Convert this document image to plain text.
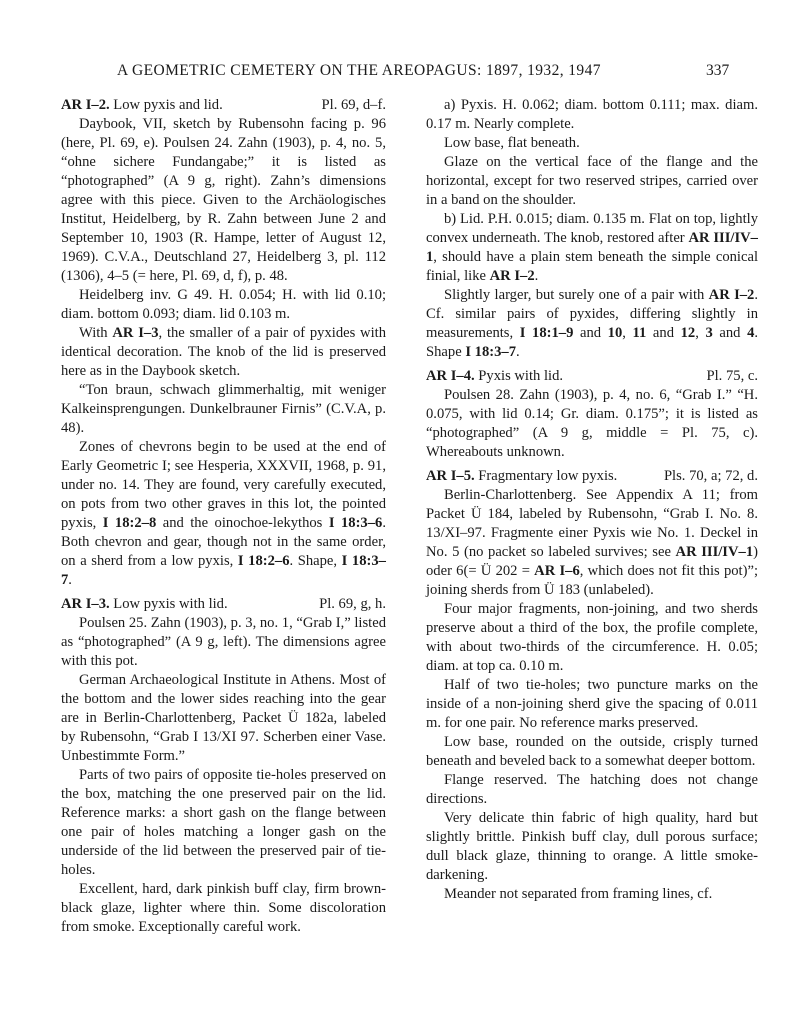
A GEOMETRIC CEMETERY ON THE AREOPAGUS: 1897, 1932, 1947	337

AR I–2. Low pyxis and lid.	Pl. 69, d–f.

Daybook, VII, sketch by Rubensohn facing p. 96 (here, Pl. 69, e). Poulsen 24. Zahn (1903), p. 4, no. 5, “ohne sichere Fundangabe;” it is listed as “photographed” (A 9 g, right). Zahn’s dimensions agree with this piece. Given to the Archäologisches Institut, Heidelberg, by R. Zahn between June 2 and September 10, 1903 (R. Hampe, letter of August 12, 1969). C.V.A., Deutschland 27, Heidelberg 3, pl. 112 (1306), 4–5 (= here, Pl. 69, d, f), p. 48.

Heidelberg inv. G 49. H. 0.054; H. with lid 0.10; diam. bottom 0.093; diam. lid 0.103 m.

With AR I–3, the smaller of a pair of pyxides with identical decoration. The knob of the lid is preserved here as in the Daybook sketch.

“Ton braun, schwach glimmerhaltig, mit weniger Kalkeinsprengungen. Dunkelbrauner Firnis” (C.V.A, p. 48).

Zones of chevrons begin to be used at the end of Early Geometric I; see Hesperia, XXXVII, 1968, p. 91, under no. 14. They are found, very carefully executed, on pots from two other graves in this lot, the pointed pyxis, I 18:2–8 and the oinochoe-lekythos I 18:3–6. Both chevron and gear, though not in the same order, on a sherd from a low pyxis, I 18:2–6. Shape, I 18:3–7.

AR I–3. Low pyxis with lid.	Pl. 69, g, h.

Poulsen 25. Zahn (1903), p. 3, no. 1, “Grab I,” listed as “photographed” (A 9 g, left). The dimensions agree with this pot.

German Archaeological Institute in Athens. Most of the bottom and the lower sides reaching into the gear are in Berlin-Charlottenberg, Packet Ü 182a, labeled by Rubensohn, “Grab I 13/XI 97. Scherben einer Vase. Unbestimmte Form.”

Parts of two pairs of opposite tie-holes preserved on the box, matching the one preserved pair on the lid. Reference marks: a short gash on the flange between one pair of holes matching a longer gash on the underside of the lid between the preserved pair of tie-holes.

Excellent, hard, dark pinkish buff clay, firm brown-black glaze, lighter where thin. Some discoloration from smoke. Exceptionally careful work.

a) Pyxis. H. 0.062; diam. bottom 0.111; max. diam. 0.17 m. Nearly complete.

Low base, flat beneath.

Glaze on the vertical face of the flange and the horizontal, except for two reserved stripes, carried over in a band on the shoulder.

b) Lid. P.H. 0.015; diam. 0.135 m. Flat on top, lightly convex underneath. The knob, restored after AR III/IV–1, should have a plain stem beneath the simple conical finial, like AR I–2.

Slightly larger, but surely one of a pair with AR I–2. Cf. similar pairs of pyxides, differing slightly in measurements, I 18:1–9 and 10, 11 and 12, 3 and 4. Shape I 18:3–7.

AR I–4. Pyxis with lid.	Pl. 75, c.

Poulsen 28. Zahn (1903), p. 4, no. 6, “Grab I.” “H. 0.075, with lid 0.14; Gr. diam. 0.175”; it is listed as “photographed” (A 9 g, middle = Pl. 75, c). Whereabouts unknown.

AR I–5. Fragmentary low pyxis.	Pls. 70, a; 72, d.

Berlin-Charlottenberg. See Appendix A 11; from Packet Ü 184, labeled by Rubensohn, “Grab I. No. 8. 13/XI–97. Fragmente einer Pyxis wie No. 1. Deckel in No. 5 (no packet so labeled survives; see AR III/IV–1) oder 6(= Ü 202 = AR I–6, which does not fit this pot)”; joining sherds from Ü 183 (unlabeled).

Four major fragments, non-joining, and two sherds preserve about a third of the box, the profile complete, with about two-thirds of the circumference. H. 0.05; diam. at top ca. 0.10 m.

Half of two tie-holes; two puncture marks on the inside of a non-joining sherd give the spacing of 0.011 m. for one pair. No reference marks preserved.

Low base, rounded on the outside, crisply turned beneath and beveled back to a somewhat deeper bottom.

Flange reserved. The hatching does not change directions.

Very delicate thin fabric of high quality, hard but slightly brittle. Pinkish buff clay, dull porous surface; dull black glaze, thinning to orange. A little smoke-darkening.

Meander not separated from framing lines, cf.
